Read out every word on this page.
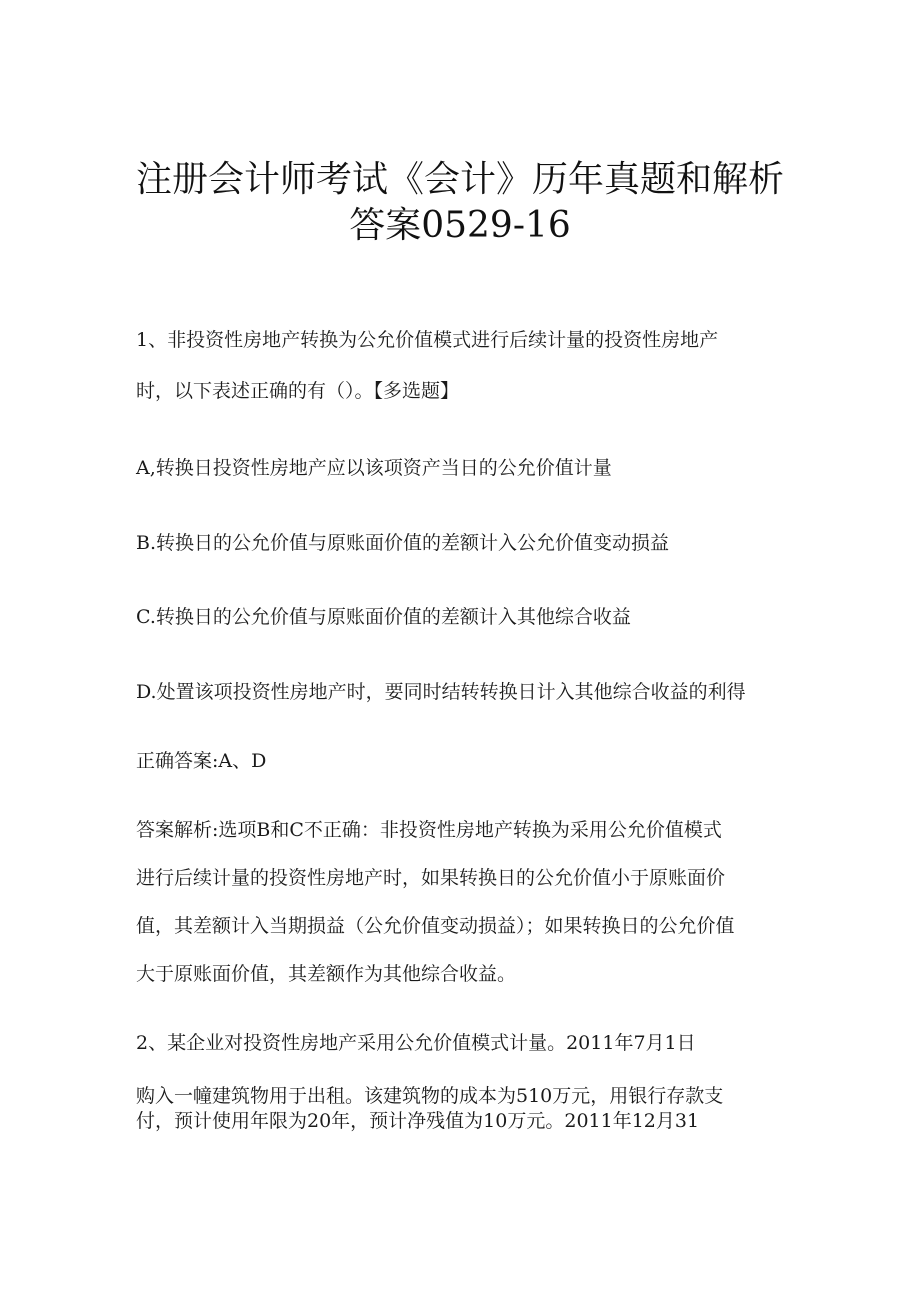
注册会计师考试《会计》历年真题和解析
答案0529-16
1、非投资性房地产转换为公允价值模式进行后续计量的投资性房地产
时，以下表述正确的有（）。【多选题】
A,转换日投资性房地产应以该项资产当日的公允价值计量
B.转换日的公允价值与原账面价值的差额计入公允价值变动损益
C.转换日的公允价值与原账面价值的差额计入其他综合收益
D.处置该项投资性房地产时，要同时结转转换日计入其他综合收益的利得
正确答案:A、D
答案解析:选项B和C不正确：非投资性房地产转换为采用公允价值模式
进行后续计量的投资性房地产时，如果转换日的公允价值小于原账面价
值，其差额计入当期损益（公允价值变动损益）；如果转换日的公允价值
大于原账面价值，其差额作为其他综合收益。
2、某企业对投资性房地产采用公允价值模式计量。2011年7月1日
购入一幢建筑物用于出租。该建筑物的成本为510万元，用银行存款支
付，预计使用年限为20年，预计净残值为10万元。2011年12月31
